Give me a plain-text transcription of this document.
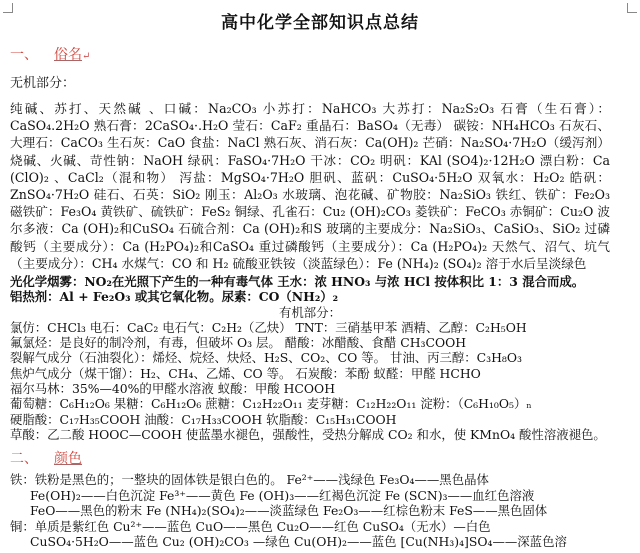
高中化学全部知识点总结
一、 俗名↵
无机部分：
纯碱、苏打、天然碱 、口碱：Na₂CO₃ 小苏打：NaHCO₃ 大苏打：Na₂S₂O₃ 石膏（生石膏）：CaSO₄.2H₂O 熟石膏：2CaSO₄·.H₂O 莹石：CaF₂ 重晶石：BaSO₄（无毒） 碳铵：NH₄HCO₃ 石灰石、大理石：CaCO₃ 生石灰：CaO 食盐：NaCl 熟石灰、消石灰：Ca(OH)₂ 芒硝：Na₂SO₄·7H₂O（缓泻剂） 烧碱、火碱、苛性钠：NaOH 绿矾：FaSO₄·7H₂O 干冰：CO₂ 明矾：KAl (SO4)₂·12H₂O 漂白粉：Ca (ClO)₂ 、CaCl₂（混和物） 泻盐：MgSO₄·7H₂O 胆矾、蓝矾：CuSO₄·5H₂O 双氧水：H₂O₂ 皓矾：ZnSO₄·7H₂O 硅石、石英：SiO₂ 刚玉：Al₂O₃ 水玻璃、泡花碱、矿物胶：Na₂SiO₃ 铁红、铁矿：Fe₂O₃ 磁铁矿：Fe₃O₄ 黄铁矿、硫铁矿：FeS₂ 铜绿、孔雀石：Cu₂ (OH)₂CO₃ 菱铁矿：FeCO₃ 赤铜矿：Cu₂O 波尔多液：Ca (OH)₂和CuSO₄ 石硫合剂：Ca (OH)₂和S 玻璃的主要成分：Na₂SiO₃、CaSiO₃、SiO₂ 过磷酸钙（主要成分）：Ca (H₂PO₄)₂和CaSO₄ 重过磷酸钙（主要成分）：Ca (H₂PO₄)₂ 天然气、沼气、坑气（主要成分）：CH₄ 水煤气：CO 和 H₂ 硫酸亚铁铵（淡蓝绿色）：Fe (NH₄)₂ (SO₄)₂ 溶于水后呈淡绿色
光化学烟雾：NO₂在光照下产生的一种有毒气体 王水：浓 HNO₃ 与浓 HCl 按体积比 1：3 混合而成。
铝热剂：Al + Fe₂O₃ 或其它氧化物。尿素：CO（NH₂）₂
有机部分：
氯仿：CHCl₃ 电石：CaC₂ 电石气：C₂H₂（乙炔） TNT：三硝基甲苯 酒精、乙醇：C₂H₅OH
氟氯烃：是良好的制冷剂，有毒，但破坏 O₃ 层。 醋酸：冰醋酸、食醋 CH₃COOH
裂解气成分（石油裂化）：烯烃、烷烃、炔烃、H₂S、CO₂、CO 等。 甘油、丙三醇：C₃H₈O₃
焦炉气成分（煤干馏）：H₂、CH₄、乙烯、CO 等。 石炭酸：苯酚 蚁醛：甲醛 HCHO
福尔马林：35%—40%的甲醛水溶液 蚁酸：甲酸 HCOOH
葡萄糖：C₆H₁₂O₆ 果糖：C₆H₁₂O₆ 蔗糖：C₁₂H₂₂O₁₁ 麦芽糖：C₁₂H₂₂O₁₁ 淀粉：（C₆H₁₀O₅）ₙ
硬脂酸：C₁₇H₃₅COOH 油酸：C₁₇H₃₃COOH 软脂酸：C₁₅H₃₁COOH
草酸：乙二酸 HOOC—COOH 使蓝墨水褪色，强酸性，受热分解成 CO₂ 和水，使 KMnO₄ 酸性溶液褪色。
二、 颜色
铁：铁粉是黑色的；一整块的固体铁是银白色的。 Fe²⁺——浅绿色 Fe₃O₄——黑色晶体
Fe(OH)₂——白色沉淀 Fe³⁺——黄色 Fe (OH)₃——红褐色沉淀 Fe (SCN)₃——血红色溶液
FeO——黑色的粉末 Fe (NH₄)₂(SO₄)₂——淡蓝绿色 Fe₂O₃——红棕色粉末 FeS——黑色固体
铜：单质是紫红色 Cu²⁺——蓝色 CuO——黑色 Cu₂O——红色 CuSO₄（无水）—白色
CuSO₄·5H₂O——蓝色 Cu₂ (OH)₂CO₃ —绿色 Cu(OH)₂——蓝色 [Cu(NH₃)₄]SO₄——深蓝色溶
